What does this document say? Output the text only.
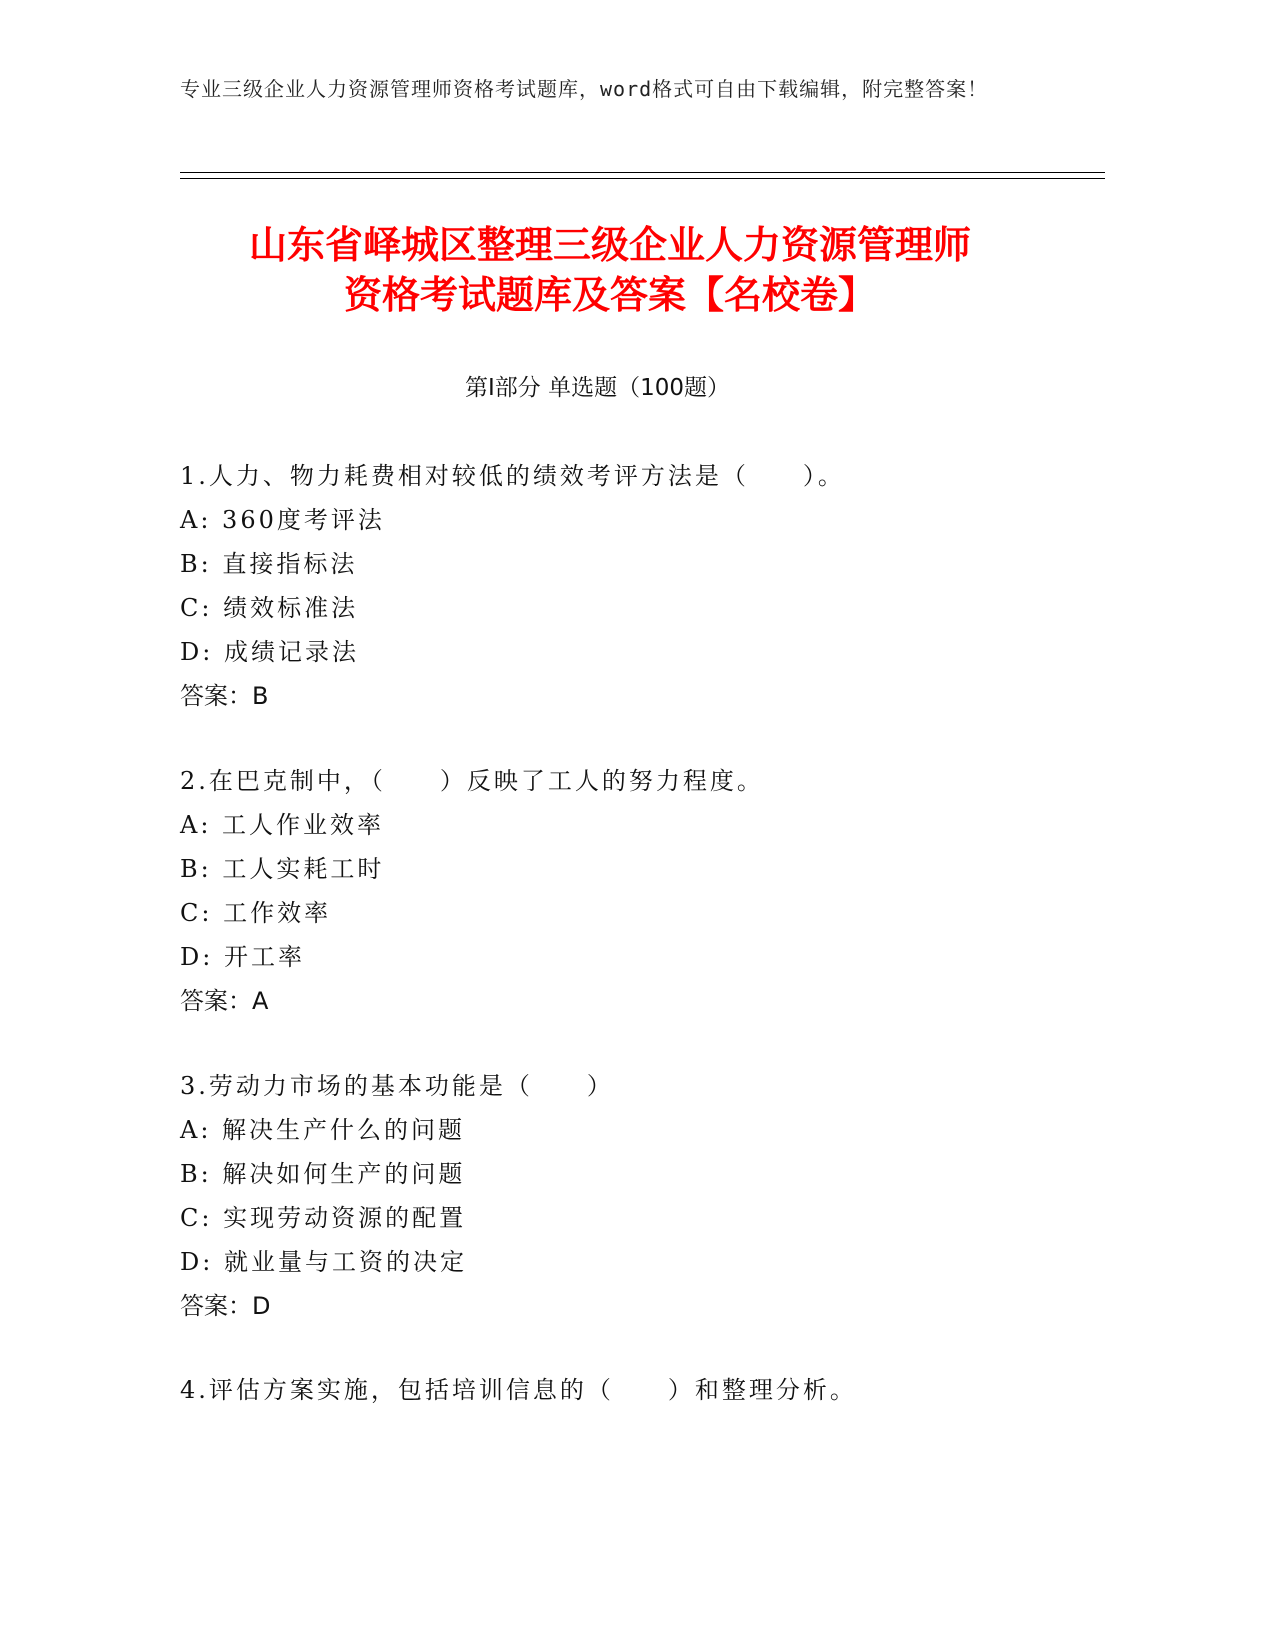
专业三级企业人力资源管理师资格考试题库，word格式可自由下载编辑，附完整答案！
山东省峄城区整理三级企业人力资源管理师
资格考试题库及答案【名校卷】
第I部分 单选题（100题）
1.人力、物力耗费相对较低的绩效考评方法是（　　）。
A: 360度考评法
B: 直接指标法
C: 绩效标准法
D: 成绩记录法
答案：B
2.在巴克制中，（　　）反映了工人的努力程度。
A: 工人作业效率
B: 工人实耗工时
C: 工作效率
D: 开工率
答案：A
3.劳动力市场的基本功能是（　　）
A: 解决生产什么的问题
B: 解决如何生产的问题
C: 实现劳动资源的配置
D: 就业量与工资的决定
答案：D
4.评估方案实施，包括培训信息的（　　）和整理分析。
